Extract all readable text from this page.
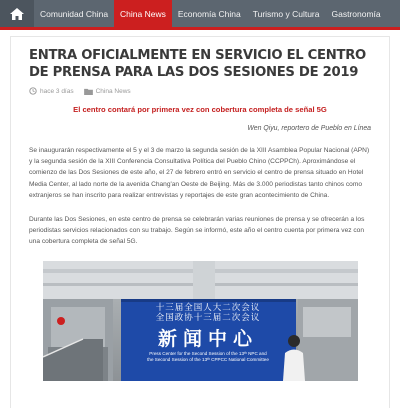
Comunidad China	China News	Economía China	Turismo y Cultura	Gastronomía
ENTRA OFICIALMENTE EN SERVICIO EL CENTRO DE PRENSA PARA LAS DOS SESIONES DE 2019
hace 3 días	China News
El centro contará por primera vez con cobertura completa de señal 5G
Wen Qiyu, reportero de Pueblo en Línea

Se inaugurarán respectivamente el 5 y el 3 de marzo la segunda sesión de la XIII Asamblea Popular Nacional (APN) y la segunda sesión de la XIII Conferencia Consultativa Política del Pueblo Chino (CCPPCh). Aproximándose el comienzo de las Dos Sesiones de este año, el 27 de febrero entró en servicio el centro de prensa situado en Hotel Media Center, al lado norte de la avenida Chang'an Oeste de Beijing. Más de 3.000 periodistas tanto chinos como extranjeros se han inscrito para realizar entrevistas y reportajes de este gran acontecimiento de China.

Durante las Dos Sesiones, en este centro de prensa se celebrarán varias reuniones de prensa y se ofrecerán a los periodistas servicios relacionados con su trabajo. Según se informó, este año el centro cuenta por primera vez con una cobertura completa de señal 5G.

十三届全国人大二次会议
全国政协十三届二次会议
新闻中心
Press Center for the Second Session of the 13ᵗʰ NPC and
the Second Session of the 13ᵗʰ CPPCC National Committee
